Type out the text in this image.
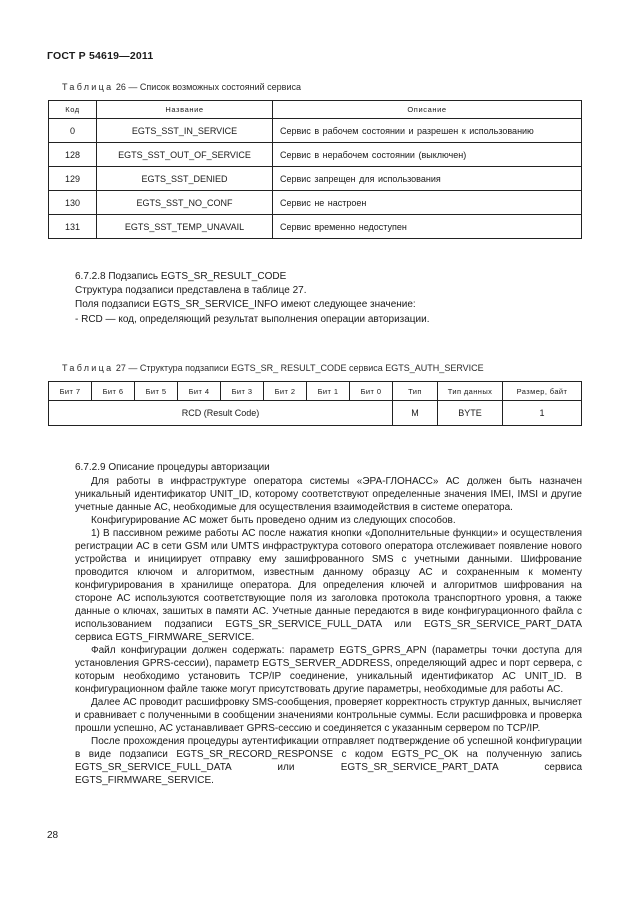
ГОСТ Р 54619—2011
Таблица 26 — Список возможных состояний сервиса
Код	Название	Описание
0	EGTS_SST_IN_SERVICE	Сервис в рабочем состоянии и разрешен к использованию
128	EGTS_SST_OUT_OF_SERVICE	Сервис в нерабочем состоянии (выключен)
129	EGTS_SST_DENIED	Сервис запрещен для использования
130	EGTS_SST_NO_CONF	Сервис не настроен
131	EGTS_SST_TEMP_UNAVAIL	Сервис временно недоступен
6.7.2.8 Подзапись EGTS_SR_RESULT_CODE
Структура подзаписи представлена в таблице 27.
Поля подзаписи EGTS_SR_SERVICE_INFO имеют следующее значение:
- RCD — код, определяющий результат выполнения операции авторизации.
Таблица 27 — Структура подзаписи EGTS_SR_ RESULT_CODE сервиса EGTS_AUTH_SERVICE
Бит 7	Бит 6	Бит 5	Бит 4	Бит 3	Бит 2	Бит 1	Бит 0	Тип	Тип данных	Размер, байт
RCD (Result Code)								M	BYTE	1
6.7.2.9 Описание процедуры авторизации

Для работы в инфраструктуре оператора системы «ЭРА-ГЛОНАСС» АС должен быть назначен уникальный идентификатор UNIT_ID, которому соответствуют определенные значения IMEI, IMSI и другие учетные данные АС, необходимые для осуществления взаимодействия в системе оператора.

Конфигурирование АС может быть проведено одним из следующих способов.

1) В пассивном режиме работы АС после нажатия кнопки «Дополнительные функции» и осуществления регистрации АС в сети GSM или UMTS инфраструктура сотового оператора отслеживает появление нового устройства и инициирует отправку ему зашифрованного SMS с учетными данными. Шифрование проводится ключом и алгоритмом, известным данному образцу АС и сохраненным к моменту конфигурирования в хранилище оператора. Для определения ключей и алгоритмов шифрования на стороне АС используются соответствующие поля из заголовка протокола транспортного уровня, а также данные о ключах, зашитых в памяти АС. Учетные данные передаются в виде конфигурационного файла с использованием подзаписи EGTS_SR_SERVICE_FULL_DATA или EGTS_SR_SERVICE_PART_DATA сервиса EGTS_FIRMWARE_SERVICE.

Файл конфигурации должен содержать: параметр EGTS_GPRS_APN (параметры точки доступа для установления GPRS-сессии), параметр EGTS_SERVER_ADDRESS, определяющий адрес и порт сервера, с которым необходимо установить TCP/IP соединение, уникальный идентификатор АС UNIT_ID. В конфигурационном файле также могут присутствовать другие параметры, необходимые для работы АС.

Далее АС проводит расшифровку SMS-сообщения, проверяет корректность структур данных, вычисляет и сравнивает с полученными в сообщении значениями контрольные суммы. Если расшифровка и проверка прошли успешно, АС устанавливает GPRS-сессию и соединяется с указанным сервером по TCP/IP.

После прохождения процедуры аутентификации отправляет подтверждение об успешной конфигурации в виде подзаписи EGTS_SR_RECORD_RESPONSE с кодом EGTS_PC_OK на полученную запись EGTS_SR_SERVICE_FULL_DATA или EGTS_SR_SERVICE_PART_DATA сервиса EGTS_FIRMWARE_SERVICE.

28
